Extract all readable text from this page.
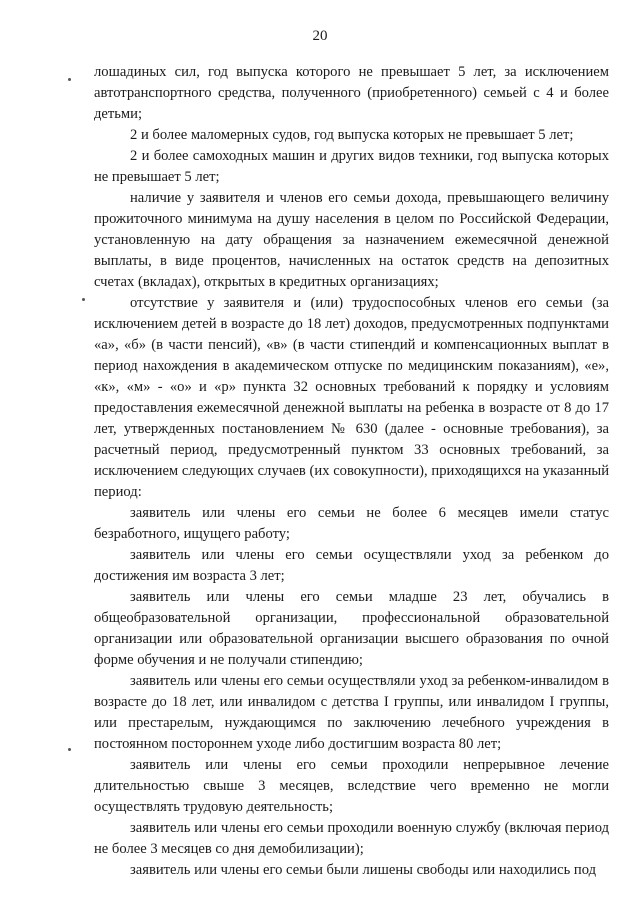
20

лошадиных сил, год выпуска которого не превышает 5 лет, за исключением автотранспортного средства, полученного (приобретенного) семьей с 4 и более детьми;

2 и более маломерных судов, год выпуска которых не превышает 5 лет;

2 и более самоходных машин и других видов техники, год выпуска которых не превышает 5 лет;

наличие у заявителя и членов его семьи дохода, превышающего величину прожиточного минимума на душу населения в целом по Российской Федерации, установленную на дату обращения за назначением ежемесячной денежной выплаты, в виде процентов, начисленных на остаток средств на депозитных счетах (вкладах), открытых в кредитных организациях;

отсутствие у заявителя и (или) трудоспособных членов его семьи (за исключением детей в возрасте до 18 лет) доходов, предусмотренных подпунктами «а», «б» (в части пенсий), «в» (в части стипендий и компенсационных выплат в период нахождения в академическом отпуске по медицинским показаниям), «е», «к», «м» - «о» и «р» пункта 32 основных требований к порядку и условиям предоставления ежемесячной денежной выплаты на ребенка в возрасте от 8 до 17 лет, утвержденных постановлением № 630 (далее - основные требования), за расчетный период, предусмотренный пунктом 33 основных требований, за исключением следующих случаев (их совокупности), приходящихся на указанный период:

заявитель или члены его семьи не более 6 месяцев имели статус безработного, ищущего работу;

заявитель или члены его семьи осуществляли уход за ребенком до достижения им возраста 3 лет;

заявитель или члены его семьи младше 23 лет, обучались в общеобразовательной организации, профессиональной образовательной организации или образовательной организации высшего образования по очной форме обучения и не получали стипендию;

заявитель или члены его семьи осуществляли уход за ребенком-инвалидом в возрасте до 18 лет, или инвалидом с детства I группы, или инвалидом I группы, или престарелым, нуждающимся по заключению лечебного учреждения в постоянном постороннем уходе либо достигшим возраста 80 лет;

заявитель или члены его семьи проходили непрерывное лечение длительностью свыше 3 месяцев, вследствие чего временно не могли осуществлять трудовую деятельность;

заявитель или члены его семьи проходили военную службу (включая период не более 3 месяцев со дня демобилизации);

заявитель или члены его семьи были лишены свободы или находились под
